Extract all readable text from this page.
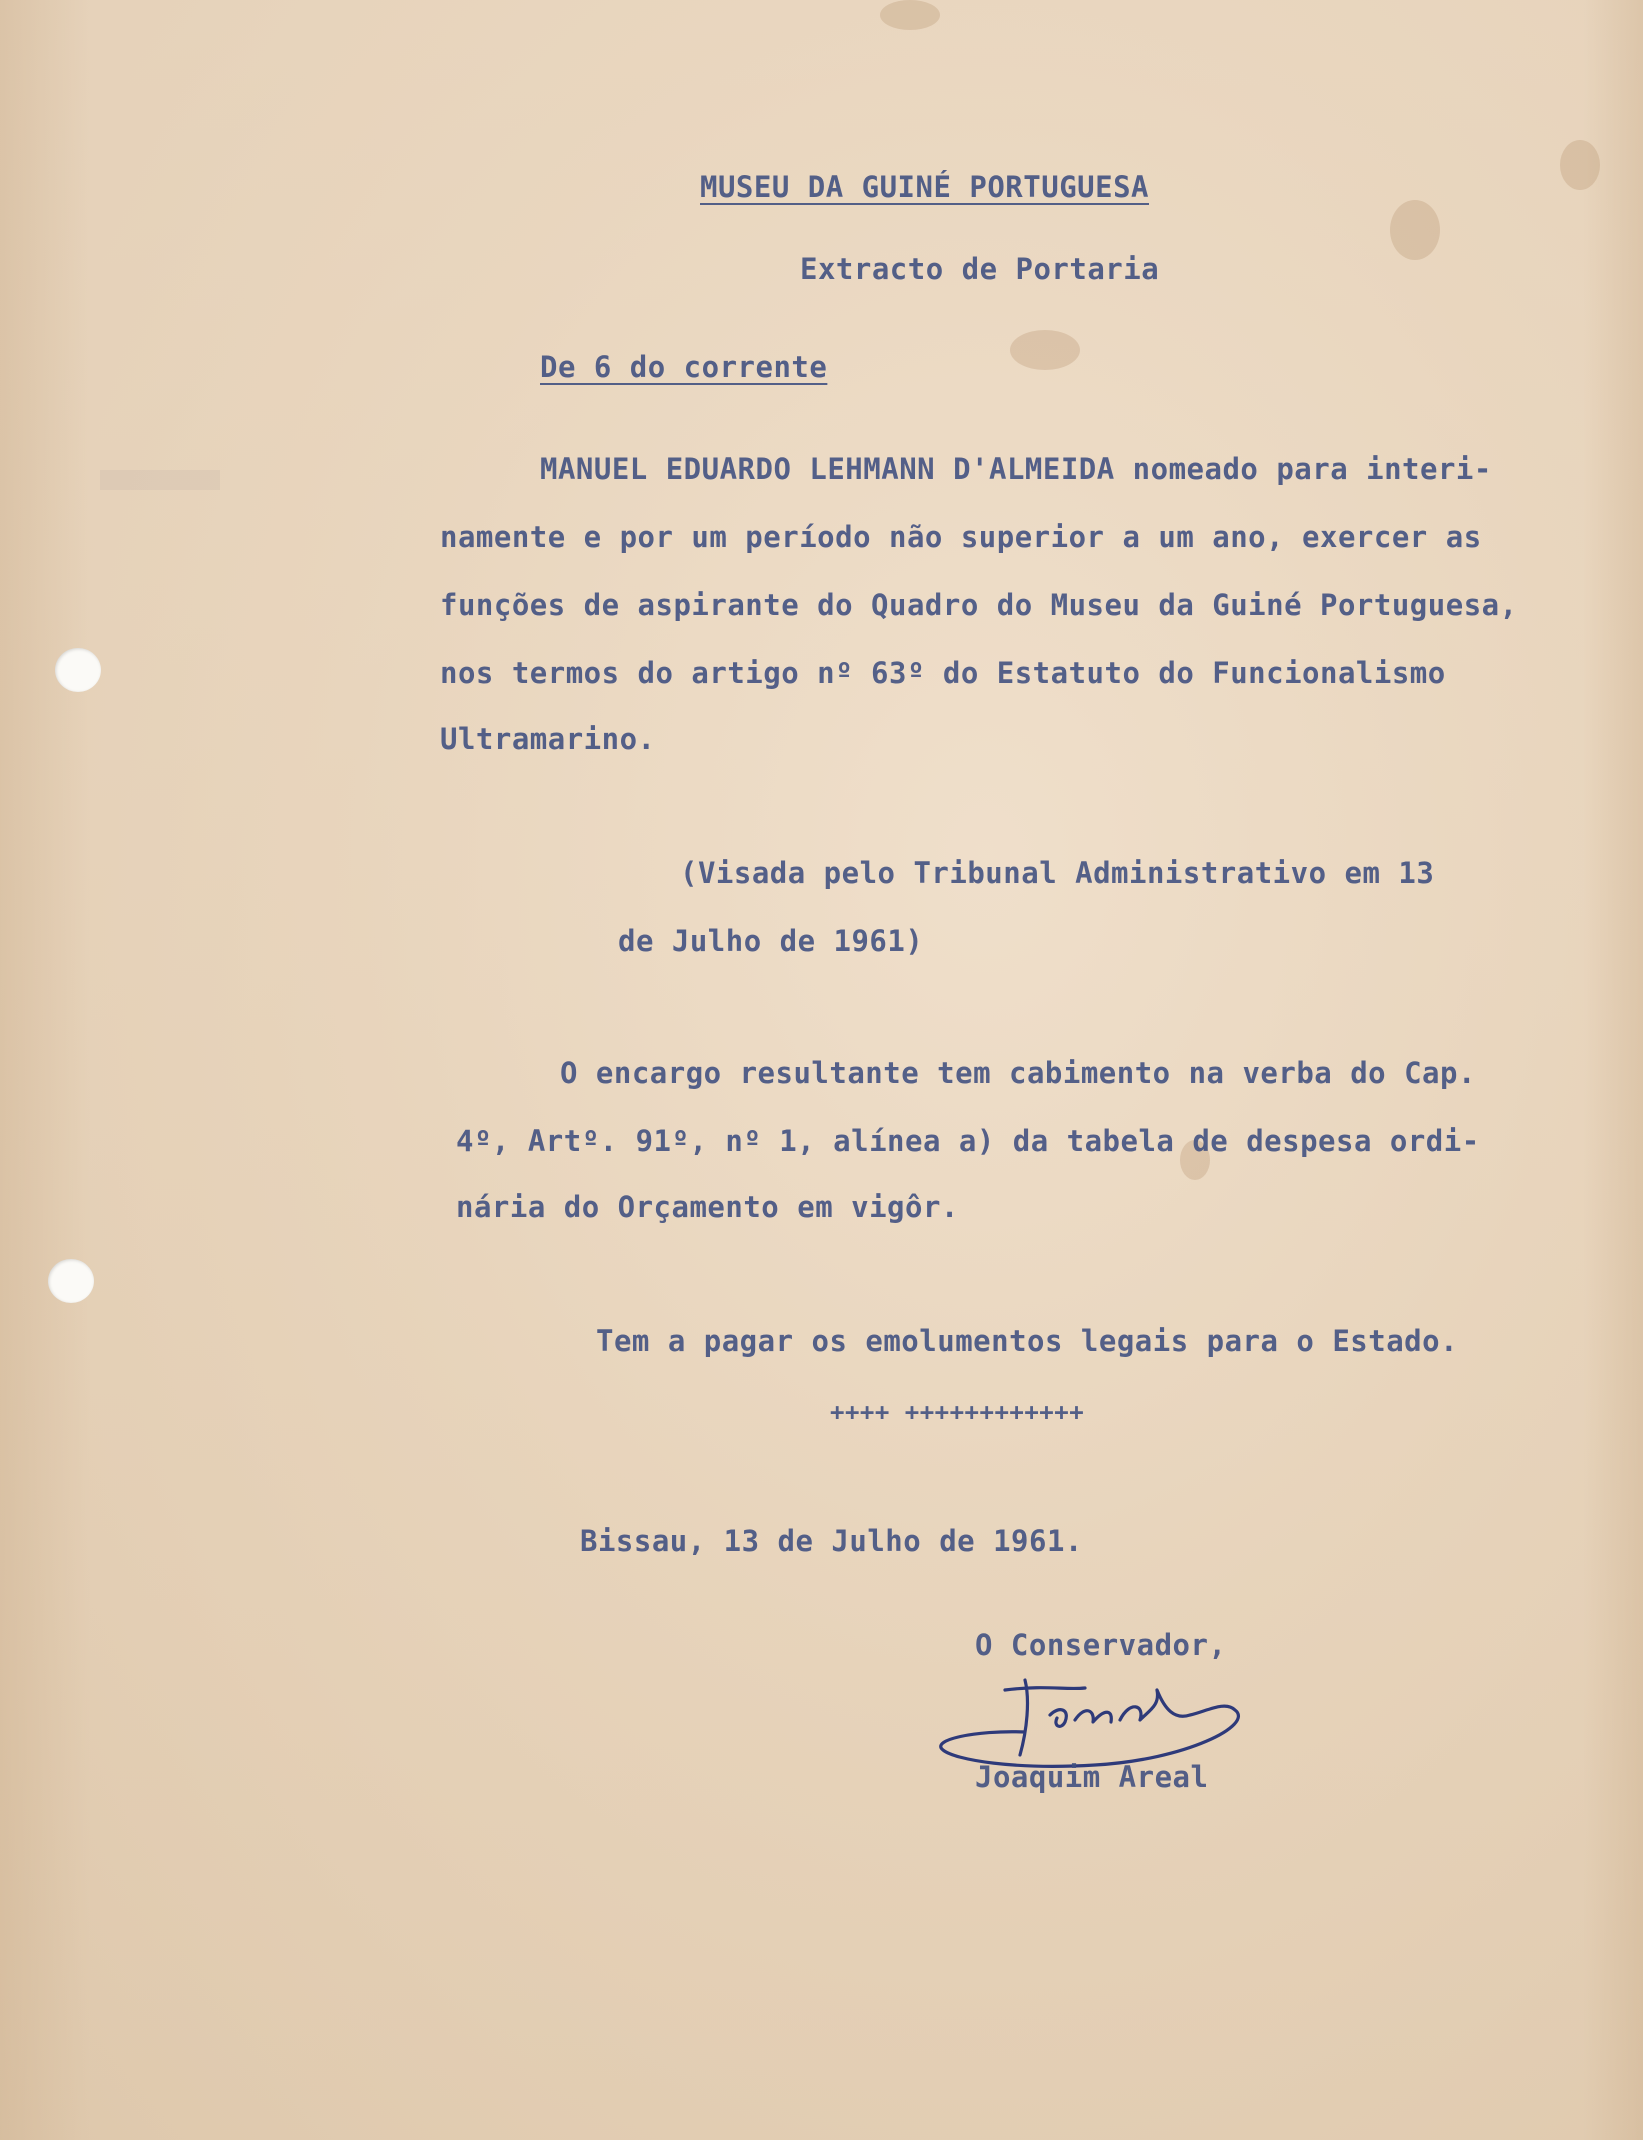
MUSEU DA GUINÉ PORTUGUESA
Extracto de Portaria
De 6 do corrente
MANUEL EDUARDO LEHMANN D'ALMEIDA nomeado para interi-
namente e por um período não superior a um ano, exercer as
funções de aspirante do Quadro do Museu da Guiné Portuguesa,
nos termos do artigo nº 63º do Estatuto do Funcionalismo
Ultramarino.
(Visada pelo Tribunal Administrativo em 13
de Julho de 1961)
O encargo resultante tem cabimento na verba do Cap.
4º, Artº. 91º, nº 1, alínea a) da tabela de despesa ordi-
nária do Orçamento em vigôr.
Tem a pagar os emolumentos legais para o Estado.
++++ ++++++++++++
Bissau, 13 de Julho de 1961.
O Conservador,
Joaquim Areal
